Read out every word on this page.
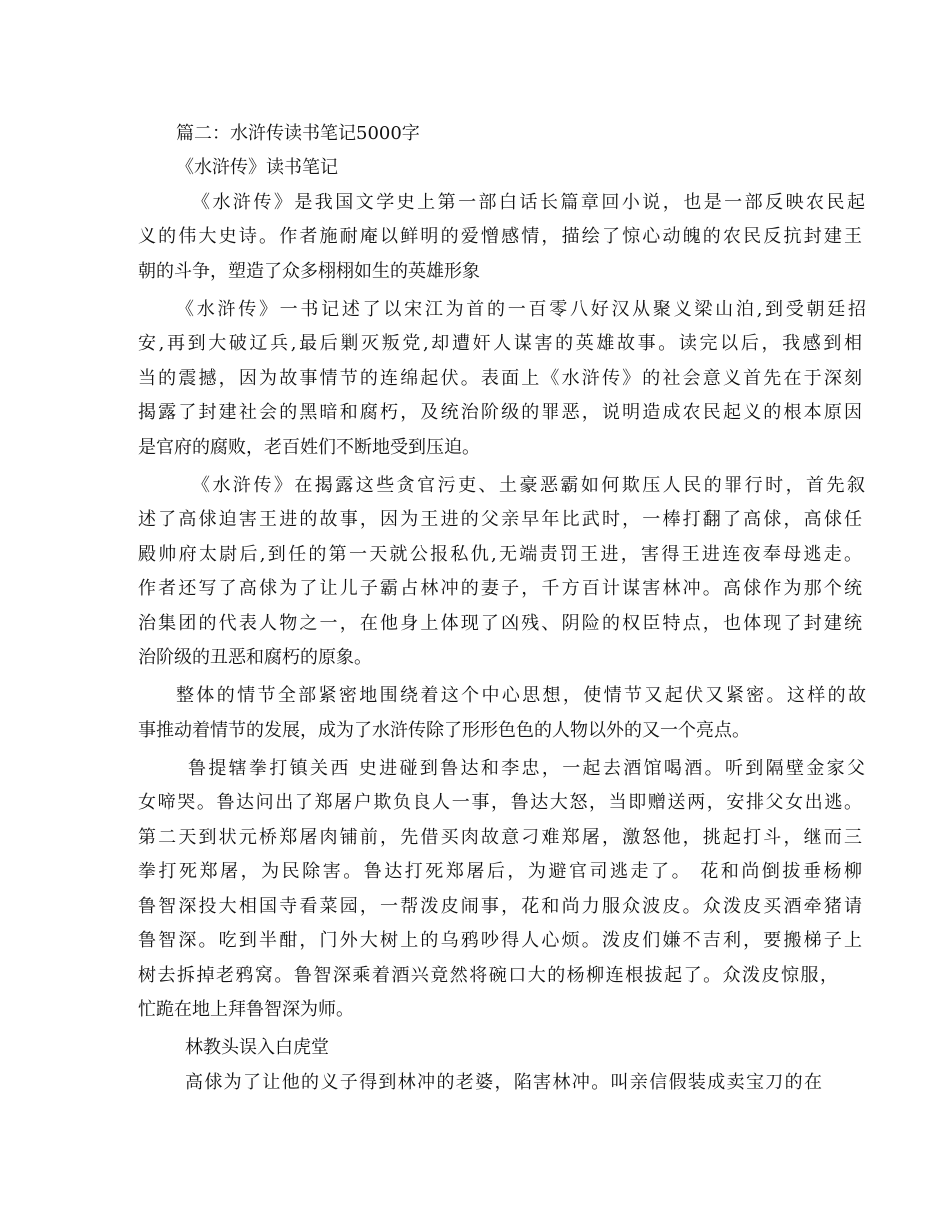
篇二：水浒传读书笔记5000字

《水浒传》读书笔记

《水浒传》是我国文学史上第一部白话长篇章回小说，也是一部反映农民起

义的伟大史诗。作者施耐庵以鲜明的爱憎感情，描绘了惊心动魄的农民反抗封建王

朝的斗争，塑造了众多栩栩如生的英雄形象

《水浒传》一书记述了以宋江为首的一百零八好汉从聚义梁山泊,到受朝廷招

安,再到大破辽兵,最后剿灭叛党,却遭奸人谋害的英雄故事。读完以后，我感到相

当的震撼，因为故事情节的连绵起伏。表面上《水浒传》的社会意义首先在于深刻

揭露了封建社会的黑暗和腐朽，及统治阶级的罪恶，说明造成农民起义的根本原因

是官府的腐败，老百姓们不断地受到压迫。

《水浒传》在揭露这些贪官污吏、土豪恶霸如何欺压人民的罪行时，首先叙

述了高俅迫害王进的故事，因为王进的父亲早年比武时，一棒打翻了高俅，高俅任

殿帅府太尉后,到任的第一天就公报私仇,无端责罚王进，害得王进连夜奉母逃走。

作者还写了高俅为了让儿子霸占林冲的妻子，千方百计谋害林冲。高俅作为那个统

治集团的代表人物之一，在他身上体现了凶残、阴险的权臣特点，也体现了封建统

治阶级的丑恶和腐朽的原象。

整体的情节全部紧密地围绕着这个中心思想，使情节又起伏又紧密。这样的故

事推动着情节的发展，成为了水浒传除了形形色色的人物以外的又一个亮点。

鲁提辖拳打镇关西 史进碰到鲁达和李忠，一起去酒馆喝酒。听到隔壁金家父

女啼哭。鲁达问出了郑屠户欺负良人一事，鲁达大怒，当即赠送两，安排父女出逃。

第二天到状元桥郑屠肉铺前，先借买肉故意刁难郑屠，激怒他，挑起打斗，继而三

拳打死郑屠，为民除害。鲁达打死郑屠后，为避官司逃走了。 花和尚倒拔垂杨柳

鲁智深投大相国寺看菜园，一帮泼皮闹事，花和尚力服众波皮。众泼皮买酒牵猪请

鲁智深。吃到半酣，门外大树上的乌鸦吵得人心烦。泼皮们嫌不吉利，要搬梯子上

树去拆掉老鸦窝。鲁智深乘着酒兴竟然将碗口大的杨柳连根拔起了。众泼皮惊服，

忙跪在地上拜鲁智深为师。

林教头误入白虎堂

高俅为了让他的义子得到林冲的老婆，陷害林冲。叫亲信假装成卖宝刀的在
